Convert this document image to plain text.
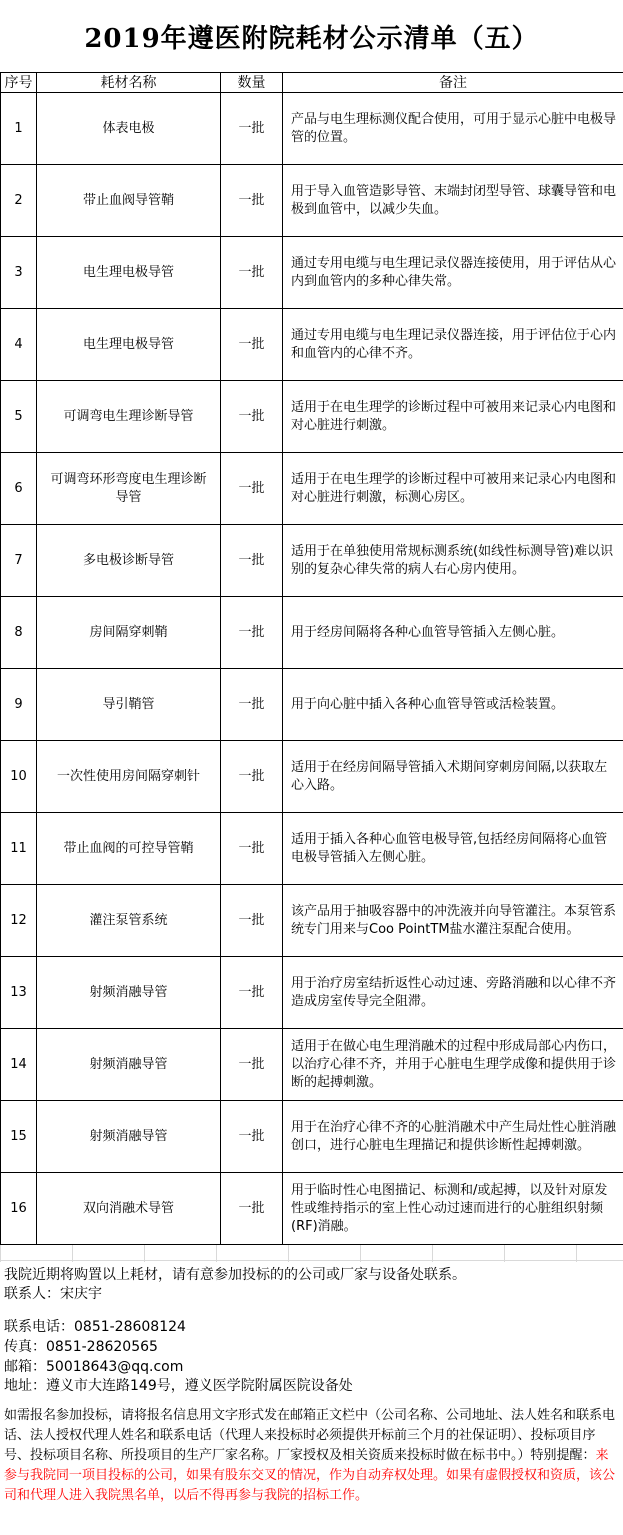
2019年遵医附院耗材公示清单（五）
序号	耗材名称	数量	备注
1	体表电极	一批	产品与电生理标测仪配合使用，可用于显示心脏中电极导管的位置。
2	带止血阀导管鞘	一批	用于导入血管造影导管、末端封闭型导管、球囊导管和电极到血管中，以减少失血。
3	电生理电极导管	一批	通过专用电缆与电生理记录仪器连接使用，用于评估从心内到血管内的多种心律失常。
4	电生理电极导管	一批	通过专用电缆与电生理记录仪器连接，用于评估位于心内和血管内的心律不齐。
5	可调弯电生理诊断导管	一批	适用于在电生理学的诊断过程中可被用来记录心内电图和对心脏进行刺激。
6	可调弯环形弯度电生理诊断导管	一批	适用于在电生理学的诊断过程中可被用来记录心内电图和对心脏进行刺激，标测心房区。
7	多电极诊断导管	一批	适用于在单独使用常规标测系统(如线性标测导管)难以识别的复杂心律失常的病人右心房内使用。
8	房间隔穿刺鞘	一批	用于经房间隔将各种心血管导管插入左侧心脏。
9	导引鞘管	一批	用于向心脏中插入各种心血管导管或活检装置。
10	一次性使用房间隔穿刺针	一批	适用于在经房间隔导管插入术期间穿刺房间隔,以获取左心入路。
11	带止血阀的可控导管鞘	一批	适用于插入各种心血管电极导管,包括经房间隔将心血管电极导管插入左侧心脏。
12	灌注泵管系统	一批	该产品用于抽吸容器中的冲洗液并向导管灌注。本泵管系统专门用来与Coo PointTM盐水灌注泵配合使用。
13	射频消融导管	一批	用于治疗房室结折返性心动过速、旁路消融和以心律不齐造成房室传导完全阻滞。
14	射频消融导管	一批	适用于在做心电生理消融术的过程中形成局部心内伤口，以治疗心律不齐，并用于心脏电生理学成像和提供用于诊断的起搏刺激。
15	射频消融导管	一批	用于在治疗心律不齐的心脏消融术中产生局灶性心脏消融创口，进行心脏电生理描记和提供诊断性起搏刺激。
16	双向消融术导管	一批	用于临时性心电图描记、标测和/或起搏，以及针对原发性或维持指示的室上性心动过速而进行的心脏组织射频(RF)消融。
我院近期将购置以上耗材，请有意参加投标的的公司或厂家与设备处联系。
联系人：宋庆宇
联系电话：0851-28608124
传真：0851-28620565
邮箱：50018643@qq.com
地址：遵义市大连路149号，遵义医学院附属医院设备处

如需报名参加投标，请将报名信息用文字形式发在邮箱正文栏中（公司名称、公司地址、法人姓名和联系电话、法人授权代理人姓名和联系电话（代理人来投标时必须提供开标前三个月的社保证明）、投标项目序号、投标项目名称、所投项目的生产厂家名称。厂家授权及相关资质来投标时做在标书中。）特别提醒：来参与我院同一项目投标的公司，如果有股东交叉的情况，作为自动弃权处理。如果有虚假授权和资质，该公司和代理人进入我院黑名单，以后不得再参与我院的招标工作。
